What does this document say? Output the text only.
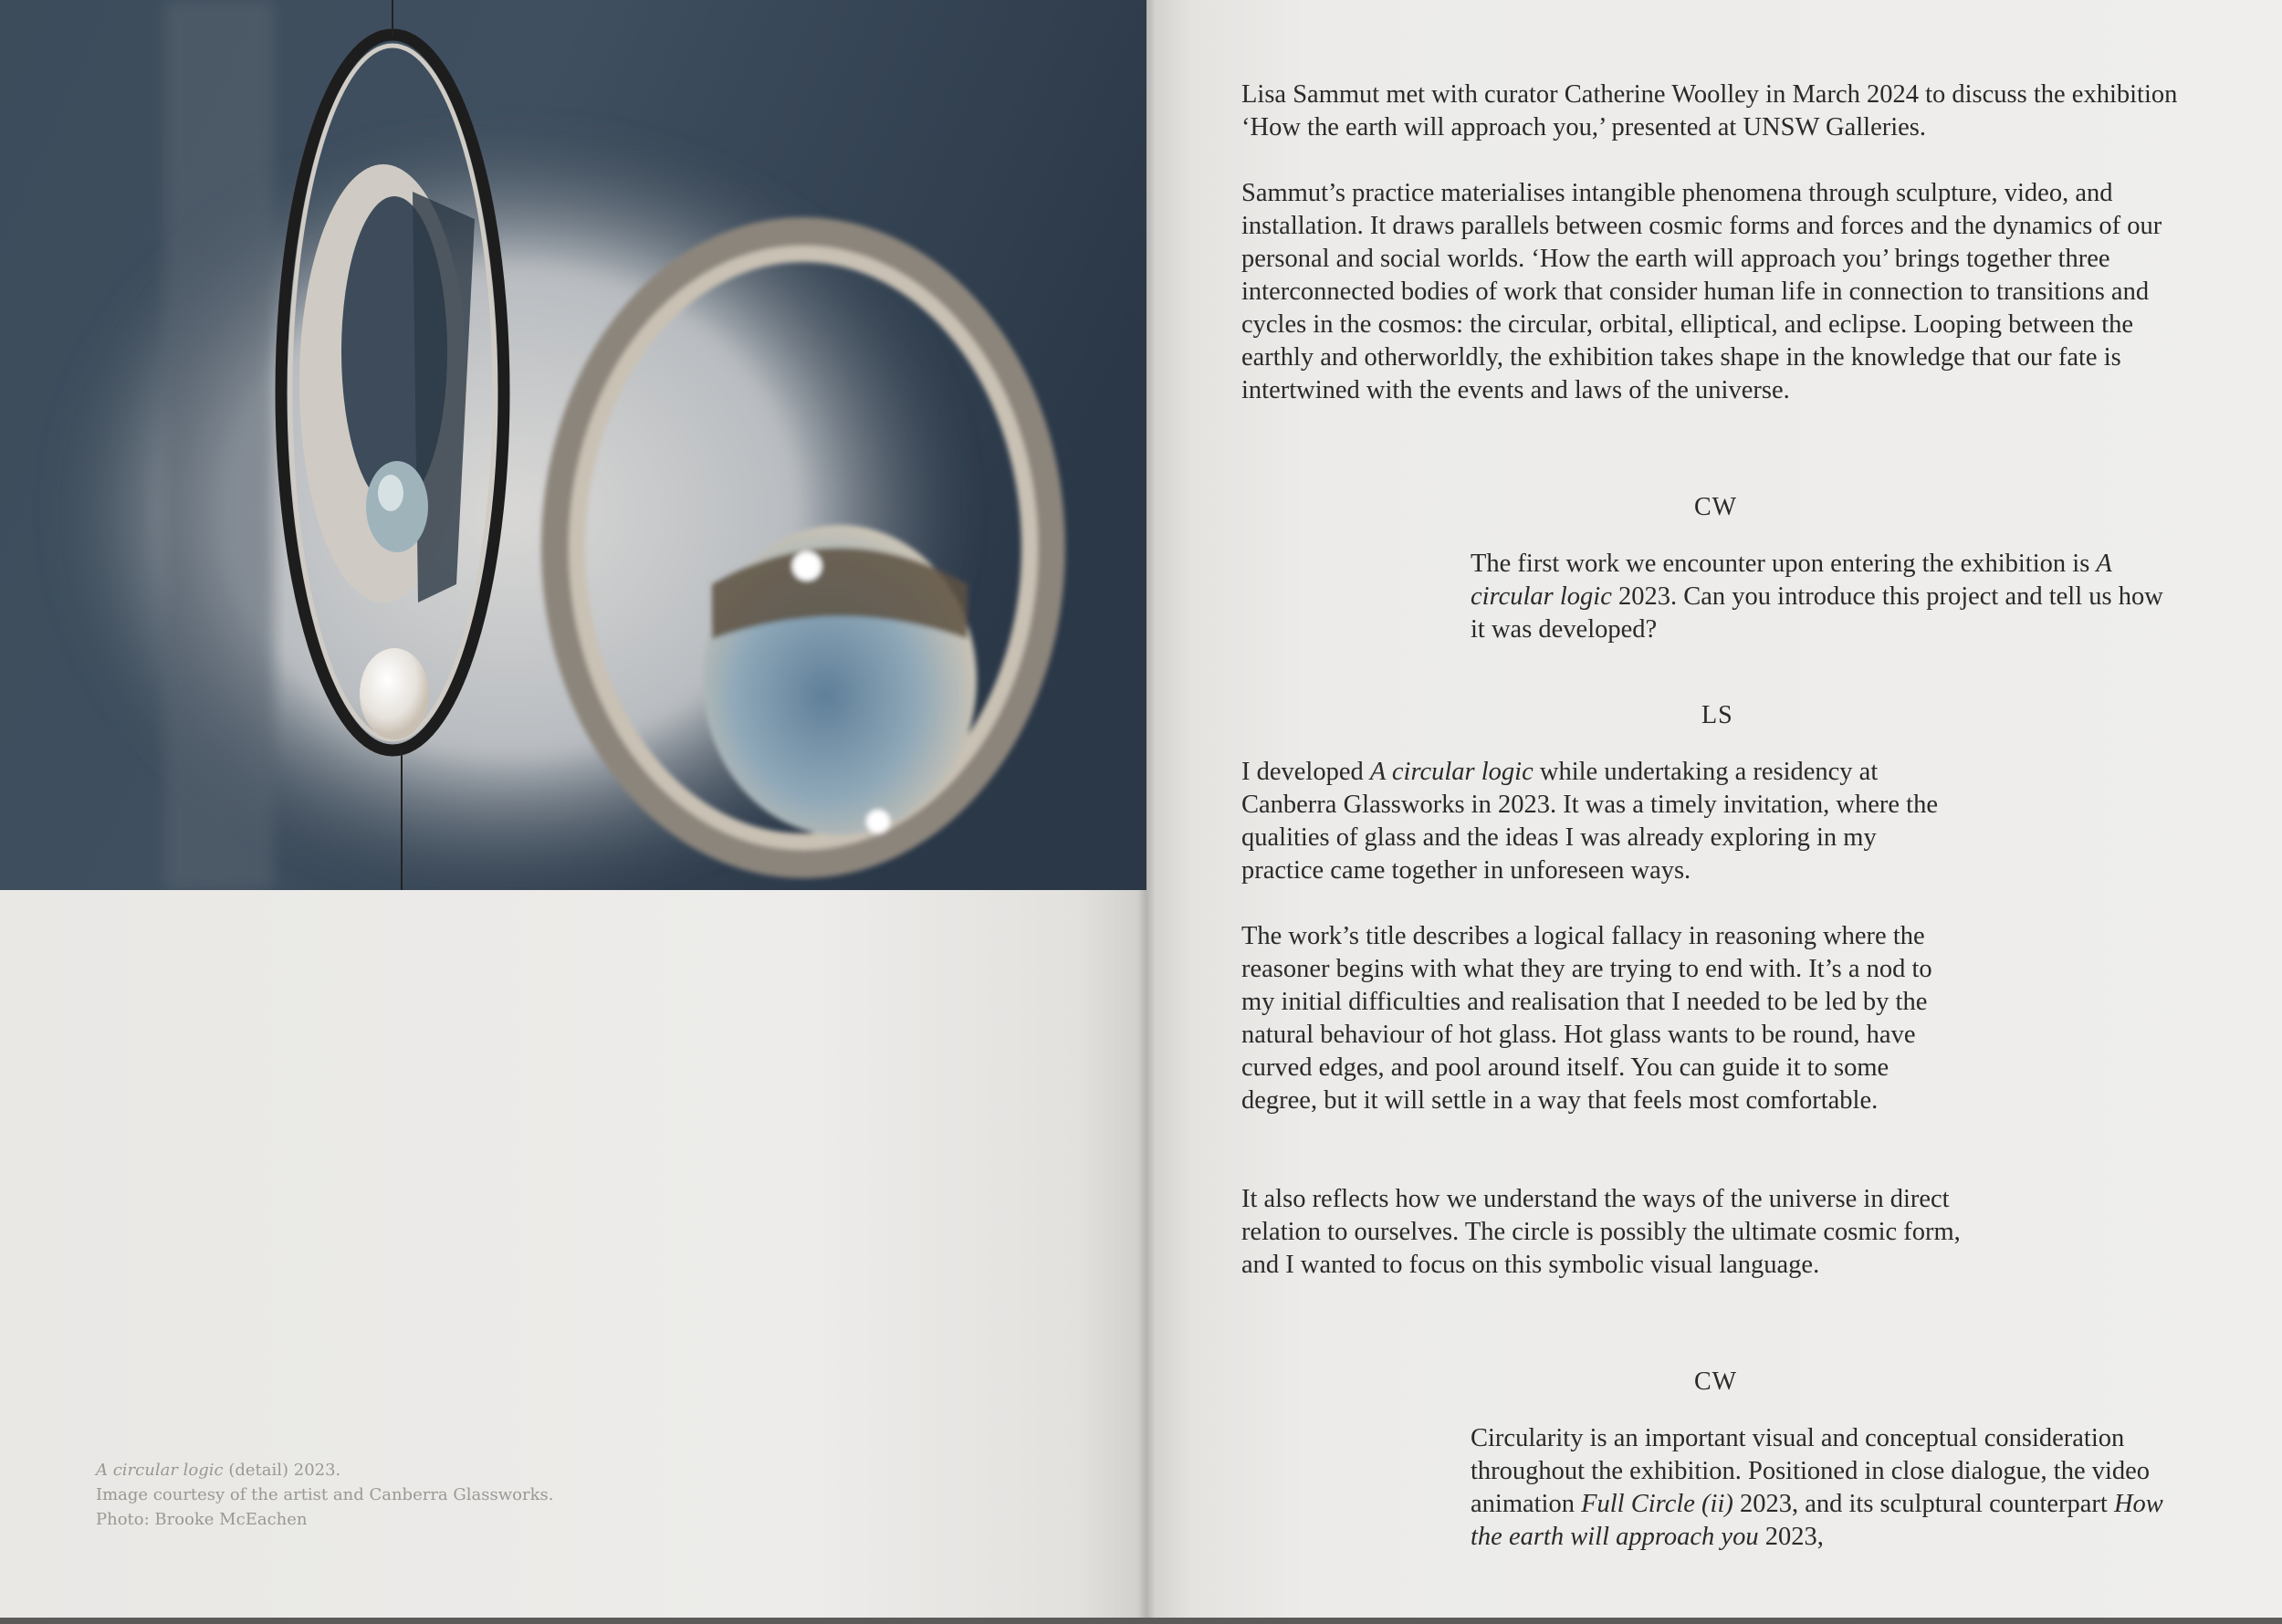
A circular logic (detail) 2023.
Image courtesy of the artist and Canberra Glassworks.
Photo: Brooke McEachen

Lisa Sammut met with curator Catherine Woolley in March 2024 to discuss the exhibition ‘How the earth will approach you,’ presented at UNSW Galleries.

Sammut’s practice materialises intangible phenomena through sculpture, video, and installation. It draws parallels between cosmic forms and forces and the dynamics of our personal and social worlds. ‘How the earth will approach you’ brings together three interconnected bodies of work that consider human life in connection to transitions and cycles in the cosmos: the circular, orbital, elliptical, and eclipse. Looping between the earthly and otherworldly, the exhibition takes shape in the knowledge that our fate is intertwined with the events and laws of the universe.

CW

The first work we encounter upon entering the exhibition is A circular logic 2023. Can you introduce this project and tell us how it was developed?

LS

I developed A circular logic while undertaking a residency at Canberra Glassworks in 2023. It was a timely invitation, where the qualities of glass and the ideas I was already exploring in my practice came together in unforeseen ways.

The work’s title describes a logical fallacy in reasoning where the reasoner begins with what they are trying to end with. It’s a nod to my initial difficulties and realisation that I needed to be led by the natural behaviour of hot glass. Hot glass wants to be round, have curved edges, and pool around itself. You can guide it to some degree, but it will settle in a way that feels most comfortable.

It also reflects how we understand the ways of the universe in direct relation to ourselves. The circle is possibly the ultimate cosmic form, and I wanted to focus on this symbolic visual language.

CW

Circularity is an important visual and conceptual consideration throughout the exhibition. Positioned in close dialogue, the video animation Full Circle (ii) 2023, and its sculptural counterpart How the earth will approach you 2023,
